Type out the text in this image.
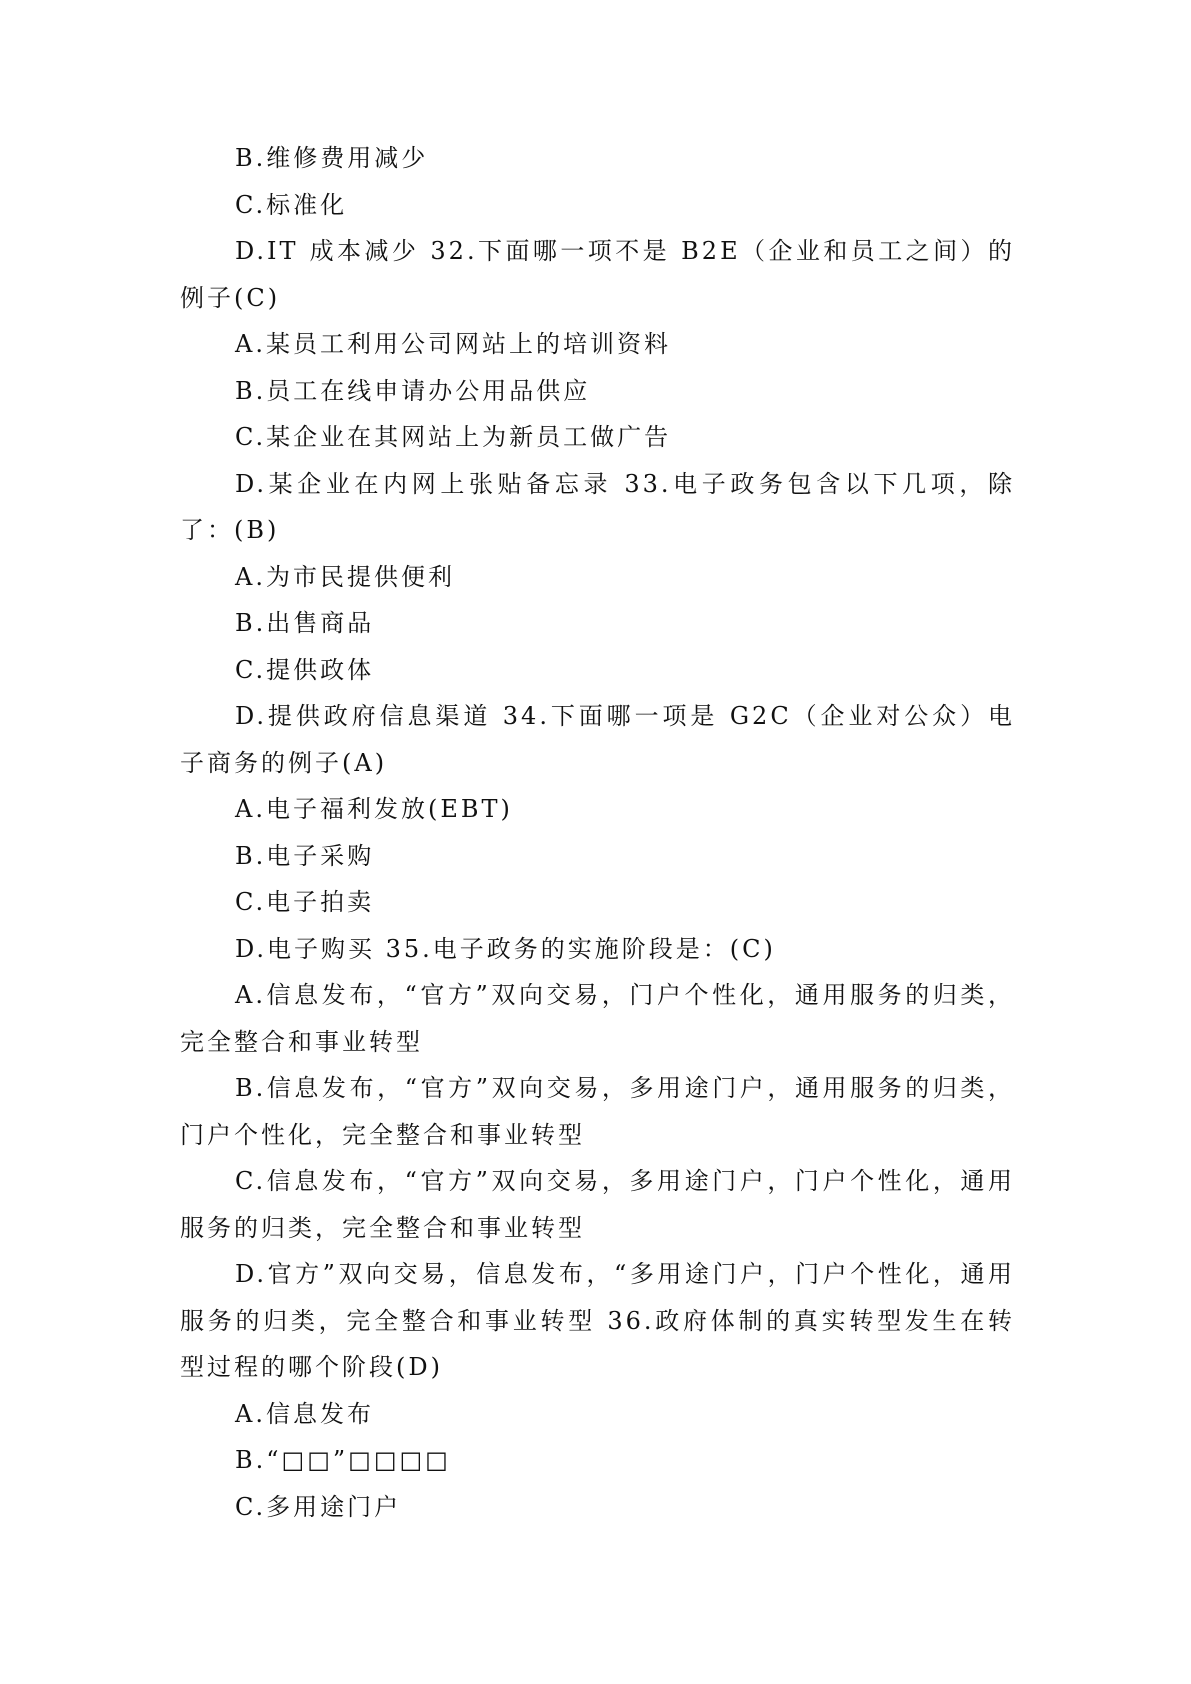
B.维修费用减少

C.标准化

D.IT 成本减少 32.下面哪一项不是 B2E（企业和员工之间）的例子(C)

A.某员工利用公司网站上的培训资料

B.员工在线申请办公用品供应

C.某企业在其网站上为新员工做广告

D.某企业在内网上张贴备忘录 33.电子政务包含以下几项，除了：(B)

A.为市民提供便利

B.出售商品

C.提供政体

D.提供政府信息渠道 34.下面哪一项是 G2C（企业对公众）电子商务的例子(A)

A.电子福利发放(EBT)

B.电子采购

C.电子拍卖

D.电子购买 35.电子政务的实施阶段是：(C)

A.信息发布，“官方”双向交易，门户个性化，通用服务的归类，完全整合和事业转型

B.信息发布，“官方”双向交易，多用途门户，通用服务的归类，门户个性化，完全整合和事业转型

C.信息发布，“官方”双向交易，多用途门户，门户个性化，通用服务的归类，完全整合和事业转型

D.官方”双向交易，信息发布，“多用途门户，门户个性化，通用服务的归类，完全整合和事业转型 36.政府体制的真实转型发生在转型过程的哪个阶段(D)

A.信息发布

B.“□□”□□□□

C.多用途门户
